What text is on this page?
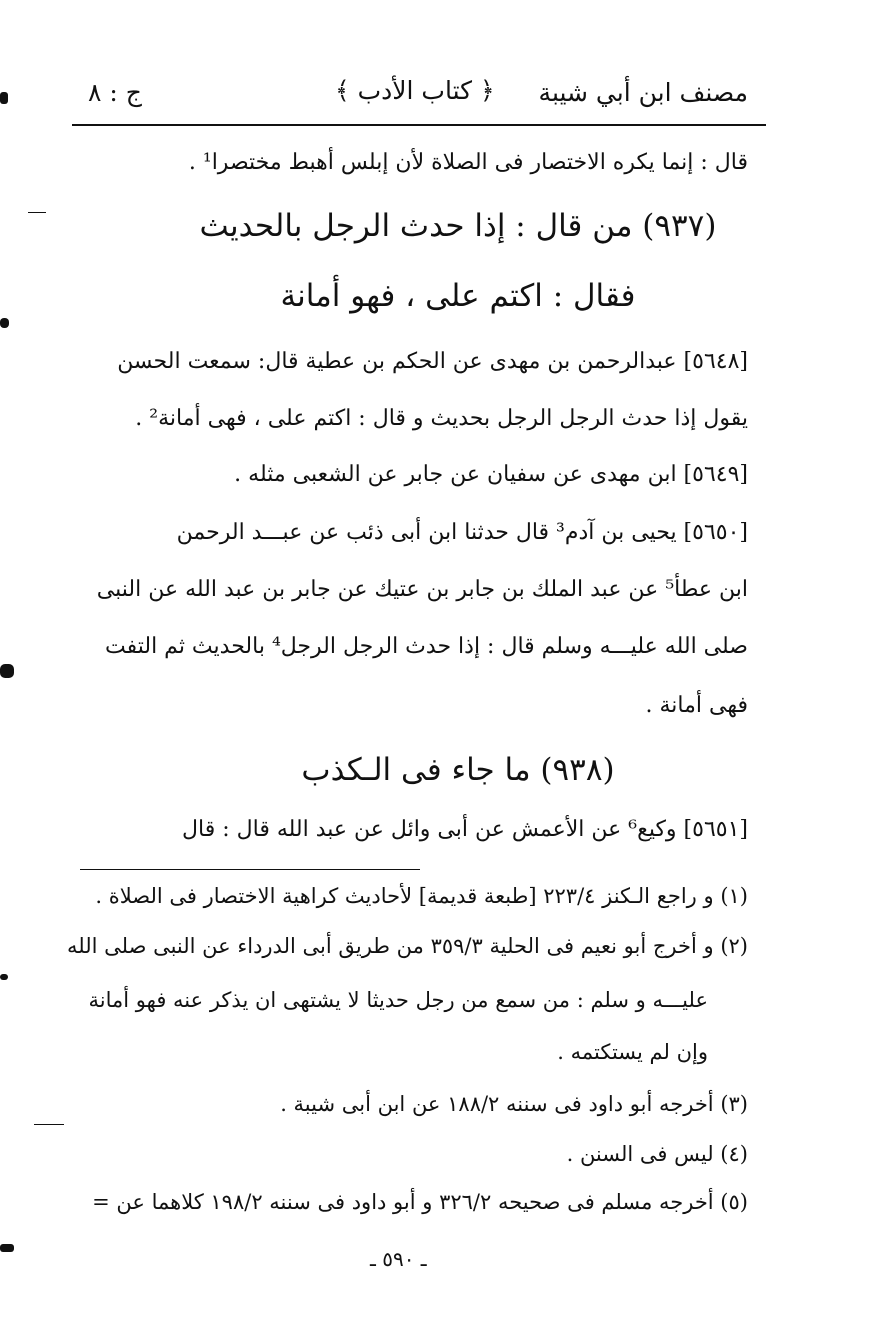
مصنف ابن أبي شيبة
﴿ كتاب الأدب ﴾
ج : ٨
قال : إنما يكره الاختصار فى الصلاة لأن إبلس أهبط مختصرا¹ .
(٩٣٧) من قال : إذا حدث الرجل بالحديث
فقال : اكتم على ، فهو أمانة
[٥٦٤٨] عبدالرحمن بن مهدى عن الحكم بن عطية قال: سمعت الحسن
يقول إذا حدث الرجل الرجل بحديث و قال : اكتم على ، فهى أمانة² .
[٥٦٤٩] ابن مهدى عن سفيان عن جابر عن الشعبى مثله .
[٥٦٥٠] يحيى بن آدم³ قال حدثنا ابن أبى ذئب عن عبـــد الرحمن
ابن عطأ⁵ عن عبد الملك بن جابر بن عتيك عن جابر بن عبد الله عن النبى
صلى الله عليـــه وسلم قال : إذا حدث الرجل الرجل⁴ بالحديث ثم التفت
فهى أمانة .
(٩٣٨) ما جاء فى الـكذب
[٥٦٥١] وكيع⁶ عن الأعمش عن أبى وائل عن عبد الله قال : قال
(١) و راجع الـكنز ٢٢٣/٤ [طبعة قديمة] لأحاديث كراهية الاختصار فى الصلاة .
(٢) و أخرج أبو نعيم فى الحلية ٣٥٩/٣ من طريق أبى الدرداء عن النبى صلى الله
عليـــه و سلم : من سمع من رجل حديثا لا يشتهى ان يذكر عنه فهو أمانة
وإن لم يستكتمه .
(٣) أخرجه أبو داود فى سننه ١٨٨/٢ عن ابن أبى شيبة .
(٤) ليس فى السنن .
(٥) أخرجه مسلم فى صحيحه ٣٢٦/٢ و أبو داود فى سننه ١٩٨/٢ كلاهما عن =
ـ ٥٩٠ ـ
